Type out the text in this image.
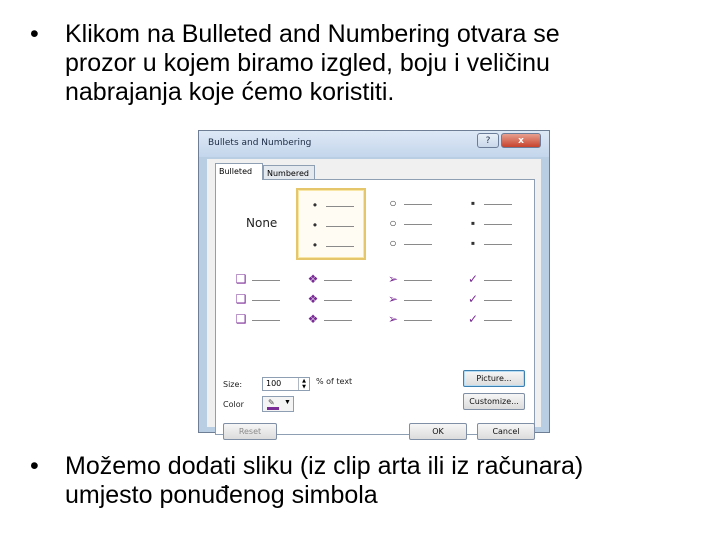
• Klikom na Bulleted and Numbering otvara se
prozor u kojem biramo izgled, boju i veličinu
nabrajanja koje ćemo koristiti.
Bullets and Numbering	?	x
Bulleted	Numbered
None
•
•
•
○
○
○
▪
▪
▪
❑
❑
❑
❖
❖
❖
➢
➢
➢
✓
✓
✓
Size:	100	▲
▼
% of text
Color	✎ ▼
Picture...
Customize...
Reset	OK	Cancel
• Možemo dodati sliku (iz clip arta ili iz računara)
umjesto ponuđenog simbola
